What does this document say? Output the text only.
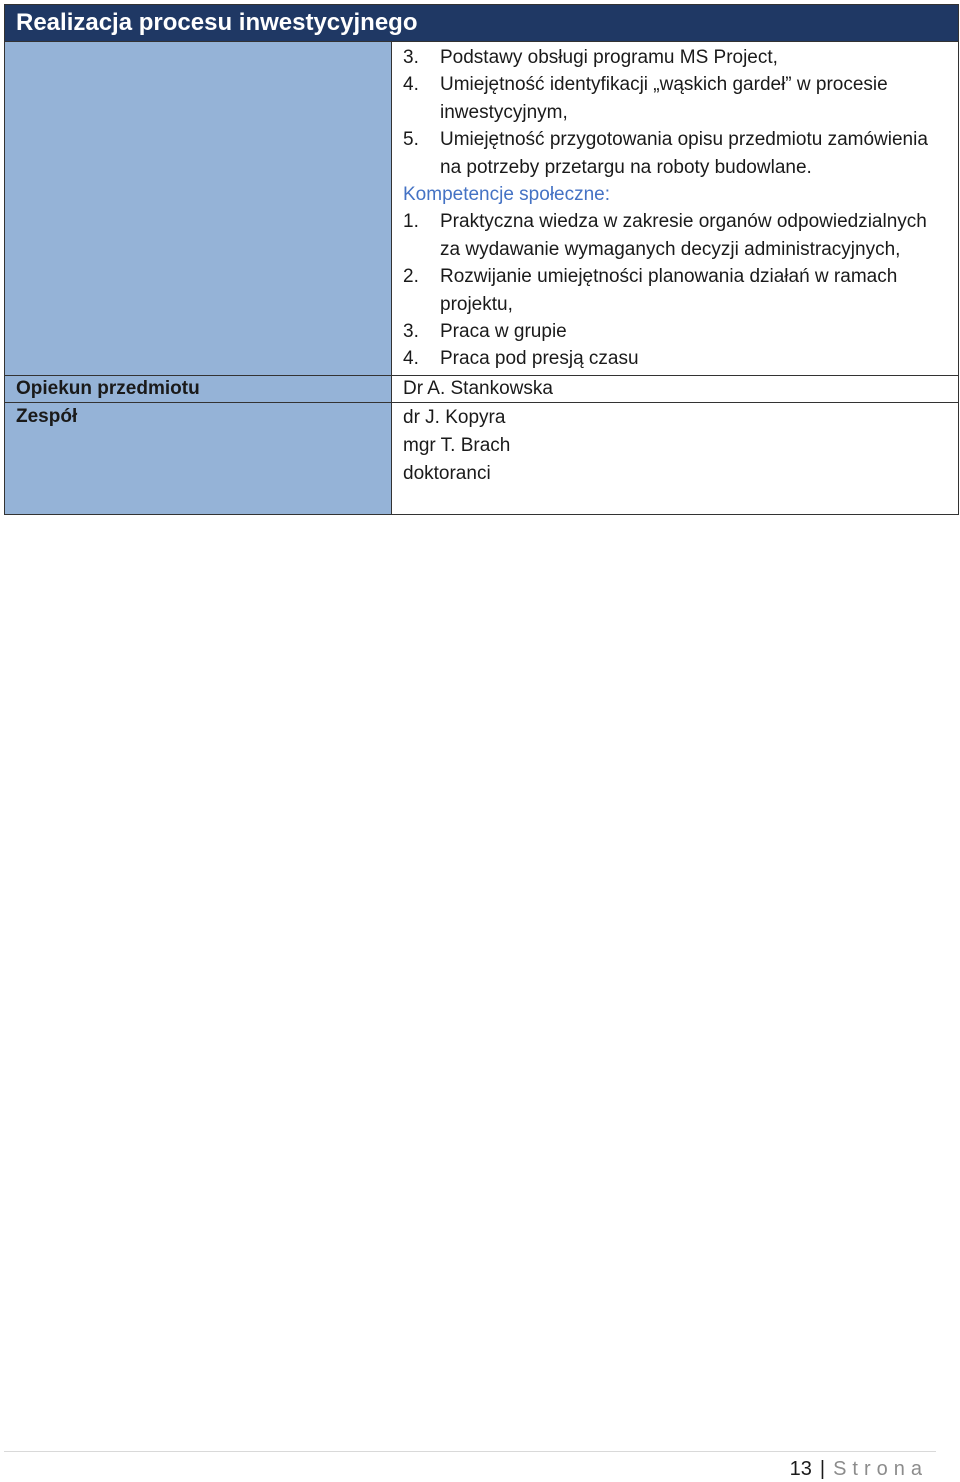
Realizacja procesu inwestycyjnego
3.	Podstawy obsługi programu MS Project,
4.	Umiejętność identyfikacji „wąskich gardeł” w procesie inwestycyjnym,
5.	Umiejętność przygotowania opisu przedmiotu zamówienia na potrzeby przetargu na roboty budowlane.
Kompetencje społeczne:
1.	Praktyczna wiedza w zakresie organów odpowiedzialnych za wydawanie wymaganych decyzji administracyjnych,
2.	Rozwijanie umiejętności planowania działań w ramach projektu,
3.	Praca w grupie
4.	Praca pod presją czasu
Opiekun przedmiotu	Dr A. Stankowska
Zespół	dr J. Kopyra
mgr T. Brach
doktoranci
13 | Strona
